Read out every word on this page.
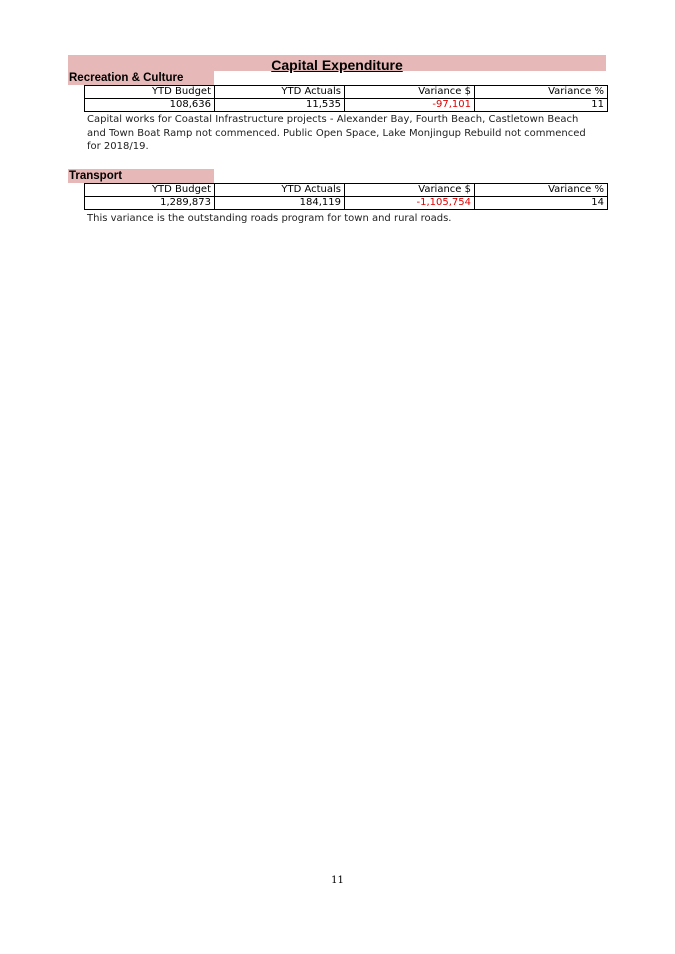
Capital Expenditure
Recreation & Culture
YTD Budget	YTD Actuals	Variance $	Variance %
108,636	11,535	-97,101	11
Capital works for Coastal Infrastructure projects - Alexander Bay, Fourth Beach, Castletown Beach and Town Boat Ramp not commenced. Public Open Space, Lake Monjingup Rebuild not commenced for 2018/19.
Transport
YTD Budget	YTD Actuals	Variance $	Variance %
1,289,873	184,119	-1,105,754	14
This variance is the outstanding roads program for town and rural roads.
11
